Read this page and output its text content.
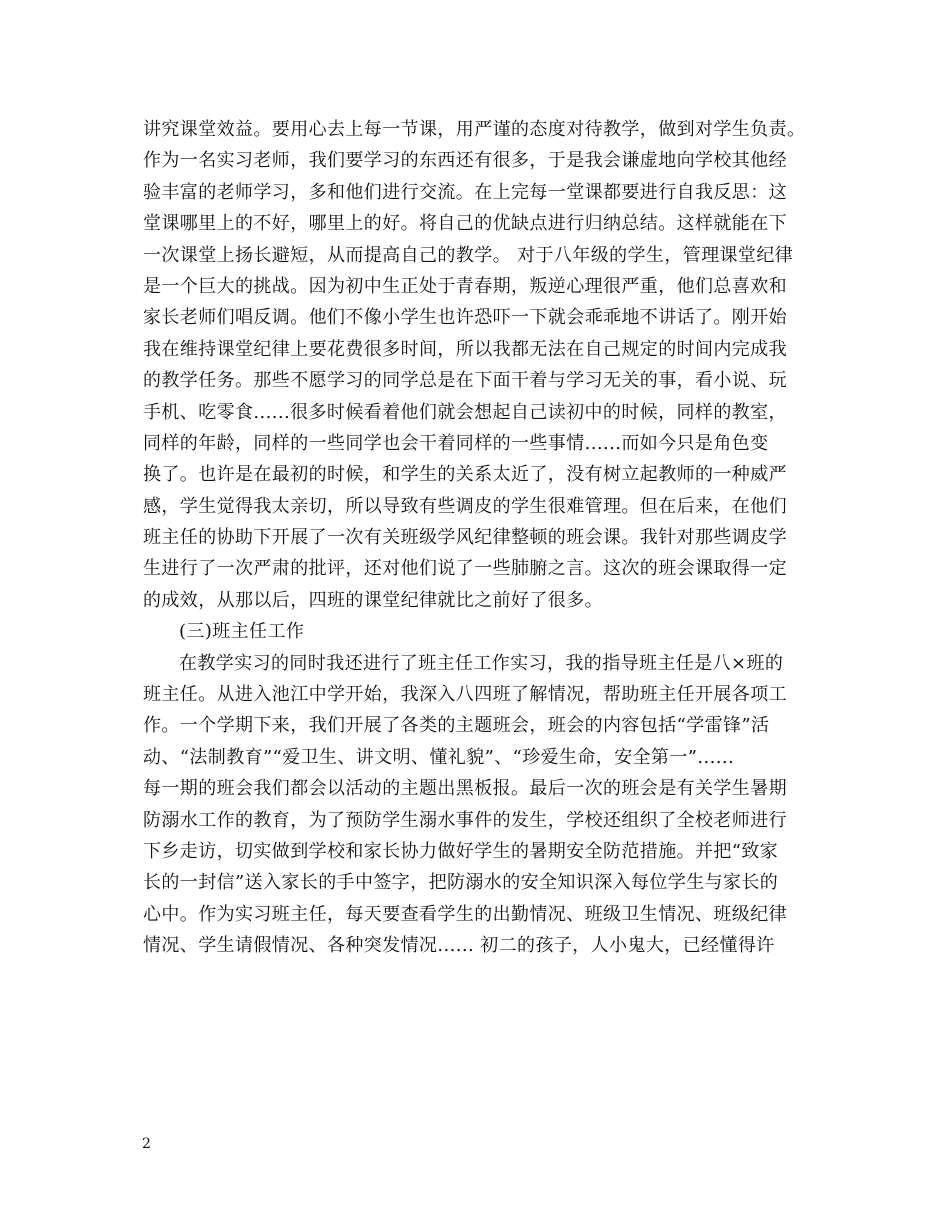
讲究课堂效益。要用心去上每一节课，用严谨的态度对待教学，做到对学生负责。
作为一名实习老师，我们要学习的东西还有很多，于是我会谦虚地向学校其他经
验丰富的老师学习，多和他们进行交流。在上完每一堂课都要进行自我反思：这
堂课哪里上的不好，哪里上的好。将自己的优缺点进行归纳总结。这样就能在下
一次课堂上扬长避短，从而提高自己的教学。 对于八年级的学生，管理课堂纪律
是一个巨大的挑战。因为初中生正处于青春期，叛逆心理很严重，他们总喜欢和
家长老师们唱反调。他们不像小学生也许恐吓一下就会乖乖地不讲话了。刚开始
我在维持课堂纪律上要花费很多时间，所以我都无法在自己规定的时间内完成我
的教学任务。那些不愿学习的同学总是在下面干着与学习无关的事，看小说、玩
手机、吃零食......很多时候看着他们就会想起自己读初中的时候，同样的教室，
同样的年龄，同样的一些同学也会干着同样的一些事情......而如今只是角色变
换了。也许是在最初的时候，和学生的关系太近了，没有树立起教师的一种威严
感，学生觉得我太亲切，所以导致有些调皮的学生很难管理。但在后来，在他们
班主任的协助下开展了一次有关班级学风纪律整顿的班会课。我针对那些调皮学
生进行了一次严肃的批评，还对他们说了一些肺腑之言。这次的班会课取得一定
的成效，从那以后，四班的课堂纪律就比之前好了很多。
(三)班主任工作
在教学实习的同时我还进行了班主任工作实习，我的指导班主任是八×班的
班主任。从进入池江中学开始，我深入八四班了解情况，帮助班主任开展各项工
作。一个学期下来，我们开展了各类的主题班会，班会的内容包括“学雷锋”活
动、“法制教育”“爱卫生、讲文明、懂礼貌”、“珍爱生命，安全第一”......
每一期的班会我们都会以活动的主题出黑板报。最后一次的班会是有关学生暑期
防溺水工作的教育，为了预防学生溺水事件的发生，学校还组织了全校老师进行
下乡走访，切实做到学校和家长协力做好学生的暑期安全防范措施。并把“致家
长的一封信”送入家长的手中签字，把防溺水的安全知识深入每位学生与家长的
心中。作为实习班主任，每天要查看学生的出勤情况、班级卫生情况、班级纪律
情况、学生请假情况、各种突发情况...... 初二的孩子，人小鬼大，已经懂得许
2
